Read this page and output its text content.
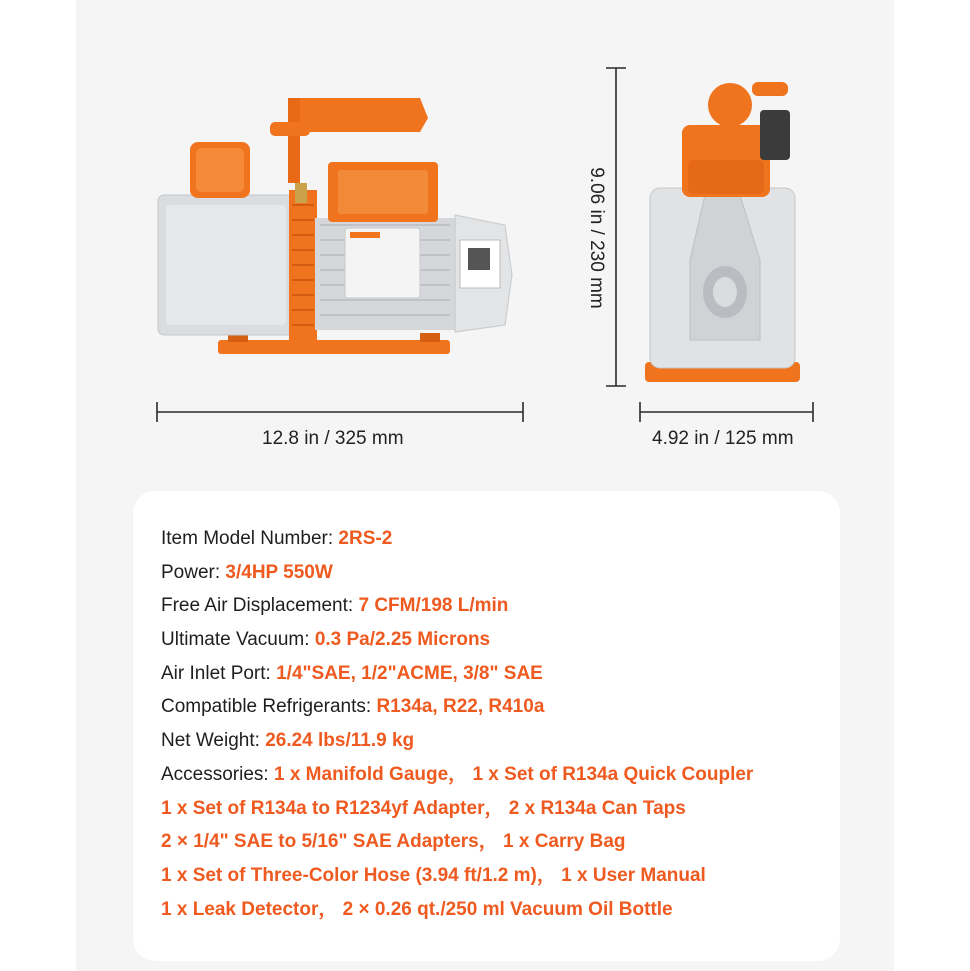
12.8 in / 325 mm	4.92 in / 125 mm
9.06 in / 230 mm
Item Model Number: 2RS-2
Power: 3/4HP 550W
Free Air Displacement: 7 CFM/198 L/min
Ultimate Vacuum: 0.3 Pa/2.25 Microns
Air Inlet Port: 1/4"SAE, 1/2"ACME, 3/8" SAE
Compatible Refrigerants: R134a, R22, R410a
Net Weight: 26.24 lbs/11.9 kg
Accessories: 1 x Manifold Gauge， 1 x Set of R134a Quick Coupler
1 x Set of R134a to R1234yf Adapter， 2 x R134a Can Taps
2 × 1/4" SAE to 5/16" SAE Adapters， 1 x Carry Bag
1 x Set of Three-Color Hose (3.94 ft/1.2 m)， 1 x User Manual
1 x Leak Detector， 2 × 0.26 qt./250 ml Vacuum Oil Bottle
